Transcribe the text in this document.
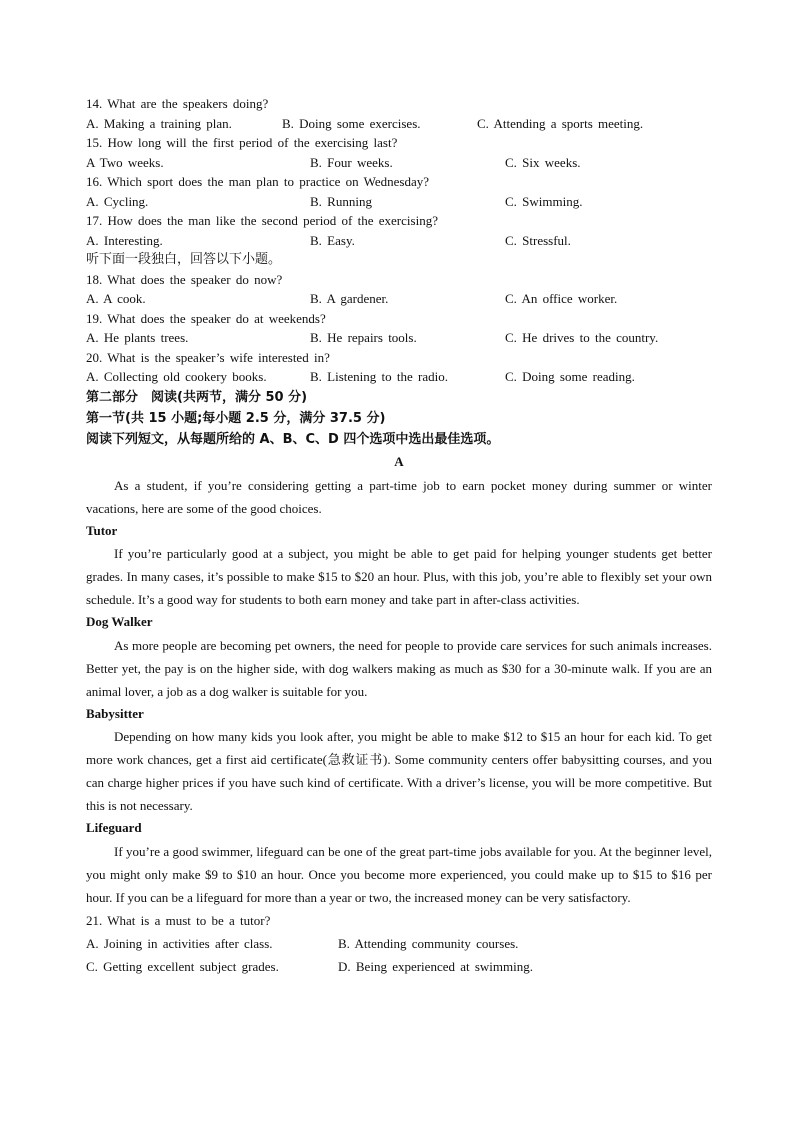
14. What are the speakers doing?
A. Making a training plan.	B. Doing some exercises.	C. Attending a sports meeting.
15. How long will the first period of the exercising last?
A Two weeks.	B. Four weeks.	C. Six weeks.
16. Which sport does the man plan to practice on Wednesday?
A. Cycling.	B. Running	C. Swimming.
17. How does the man like the second period of the exercising?
A. Interesting.	B. Easy.	C. Stressful.
听下面一段独白，回答以下小题。
18. What does the speaker do now?
A. A cook.	B. A gardener.	C. An office worker.
19. What does the speaker do at weekends?
A. He plants trees.	B. He repairs tools.	C. He drives to the country.
20. What is the speaker’s wife interested in?
A. Collecting old cookery books.	B. Listening to the radio.	C. Doing some reading.
第二部分　阅读(共两节，满分 50 分)
第一节(共 15 小题;每小题 2.5 分，满分 37.5 分)
阅读下列短文，从每题所给的 A、B、C、D 四个选项中选出最佳选项。
A

As a student, if you’re considering getting a part-time job to earn pocket money during summer or winter vacations, here are some of the good choices.

Tutor

If you’re particularly good at a subject, you might be able to get paid for helping younger students get better grades. In many cases, it’s possible to make $15 to $20 an hour. Plus, with this job, you’re able to flexibly set your own schedule. It’s a good way for students to both earn money and take part in after-class activities.

Dog Walker

As more people are becoming pet owners, the need for people to provide care services for such animals increases. Better yet, the pay is on the higher side, with dog walkers making as much as $30 for a 30-minute walk. If you are an animal lover, a job as a dog walker is suitable for you.

Babysitter

Depending on how many kids you look after, you might be able to make $12 to $15 an hour for each kid. To get more work chances, get a first aid certificate(急救证书). Some community centers offer babysitting courses, and you can charge higher prices if you have such kind of certificate. With a driver’s license, you will be more competitive. But this is not necessary.

Lifeguard

If you’re a good swimmer, lifeguard can be one of the great part-time jobs available for you. At the beginner level, you might only make $9 to $10 an hour. Once you become more experienced, you could make up to $15 to $16 per hour. If you can be a lifeguard for more than a year or two, the increased money can be very satisfactory.

21. What is a must to be a tutor?
A. Joining in activities after class.	B. Attending community courses.
C. Getting excellent subject grades.	D. Being experienced at swimming.
